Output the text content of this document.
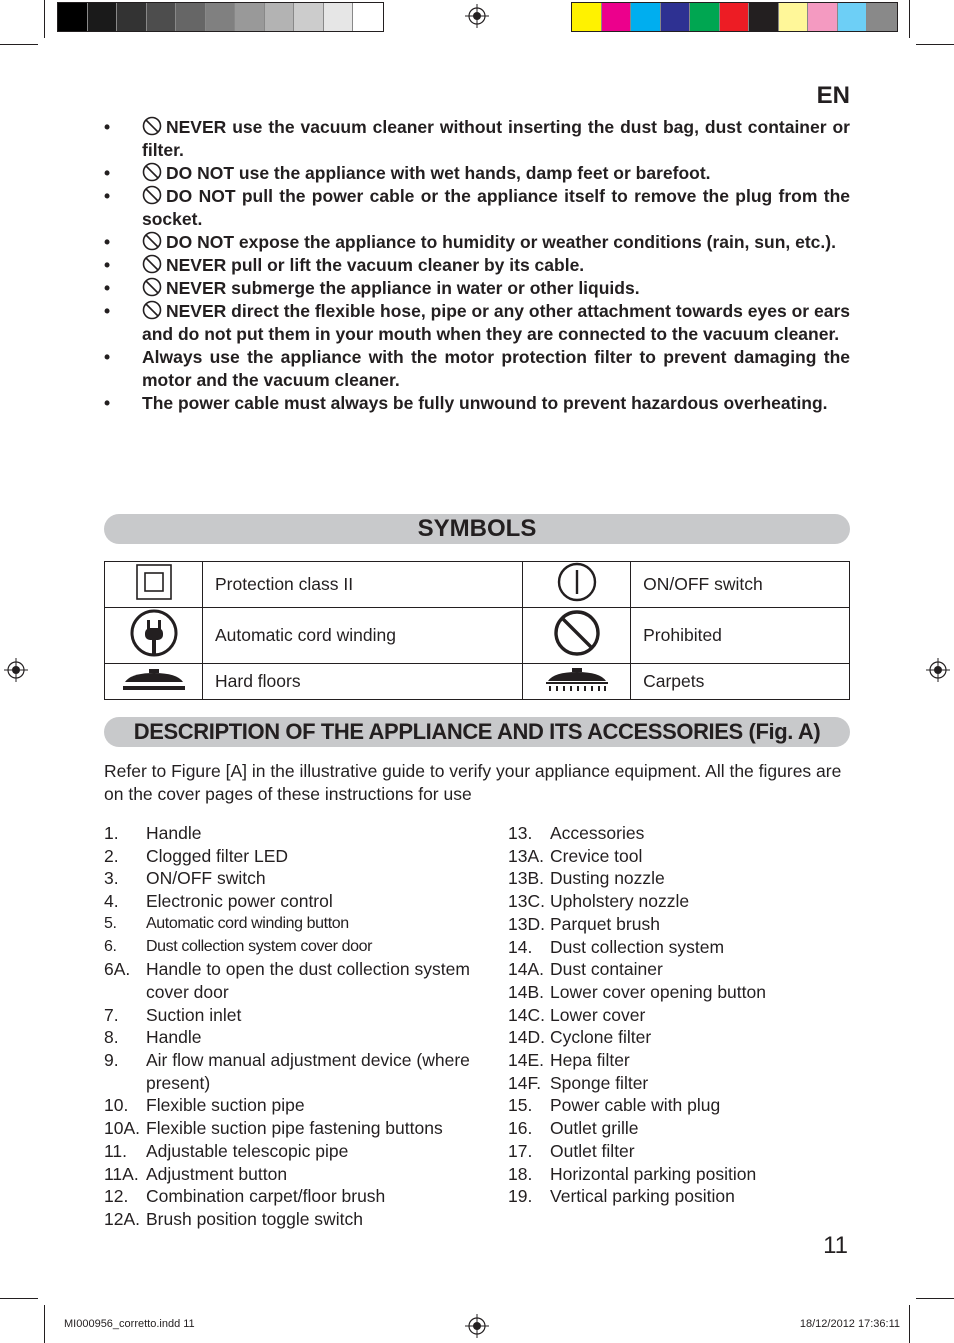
EN
•	NEVER use the vacuum cleaner without inserting the dust bag, dust container or filter.
•	DO NOT use the appliance with wet hands, damp feet or barefoot.
•	DO NOT pull the power cable or the appliance itself to remove the plug from the socket.
•	DO NOT expose the appliance to humidity or weather conditions (rain, sun, etc.).
•	NEVER pull or lift the vacuum cleaner by its cable.
•	NEVER submerge the appliance in water or other liquids.
•	NEVER direct the flexible hose, pipe or any other attachment towards eyes or ears and do not put them in your mouth when they are connected to the vacuum cleaner.
• Always use the appliance with the motor protection filter to prevent damaging the motor and the vacuum cleaner.
• The power cable must always be fully unwound to prevent hazardous overheating.
SYMBOLS
	Protection class II		ON/OFF switch
	Automatic cord winding		Prohibited
	Hard floors		Carpets
DESCRIPTION OF THE APPLIANCE AND ITS ACCESSORIES (Fig. A)

Refer to Figure [A] in the illustrative guide to verify your appliance equipment. All the figures are on the cover pages of these instructions for use

1. Handle
2. Clogged filter LED
3. ON/OFF switch
4. Electronic power control
5. Automatic cord winding button
6. Dust collection system cover door
6A. Handle to open the dust collection system cover door
7. Suction inlet
8. Handle
9. Air flow manual adjustment device (where present)
10. Flexible suction pipe
10A. Flexible suction pipe fastening buttons
11. Adjustable telescopic pipe
11A. Adjustment button
12. Combination carpet/floor brush
12A. Brush position toggle switch
13. Accessories
13A. Crevice tool
13B. Dusting nozzle
13C. Upholstery nozzle
13D. Parquet brush
14. Dust collection system
14A. Dust container
14B. Lower cover opening button
14C. Lower cover
14D. Cyclone filter
14E. Hepa filter
14F. Sponge filter
15. Power cable with plug
16. Outlet grille
17. Outlet filter
18. Horizontal parking position
19. Vertical parking position
11
MI000956_corretto.indd 11	18/12/2012 17:36:11
